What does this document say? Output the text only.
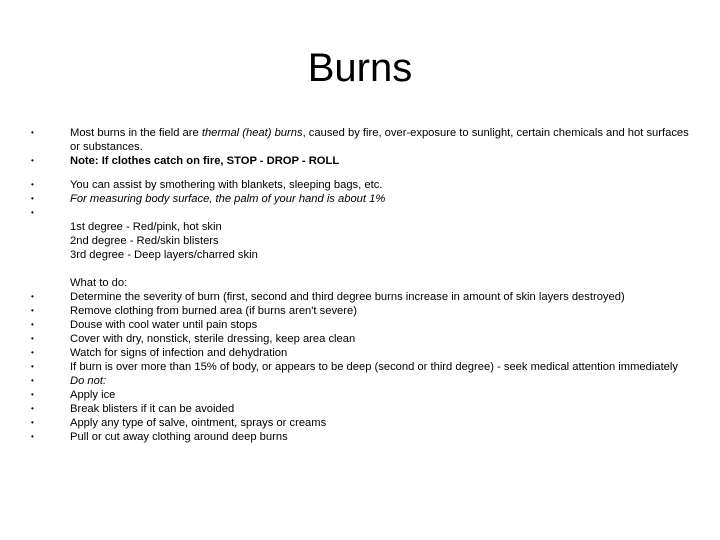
Burns
•	Most burns in the field are thermal (heat) burns, caused by fire, over-exposure to sunlight, certain chemicals and hot surfaces or substances.
•	Note: If clothes catch on fire, STOP - DROP - ROLL
•	You can assist by smothering with blankets, sleeping bags, etc.
•	For measuring body surface, the palm of your hand is about 1%
•

1st degree - Red/pink, hot skin
2nd degree - Red/skin blisters
3rd degree - Deep layers/charred skin
What to do:
•	Determine the severity of burn (first, second and third degree burns increase in amount of skin layers destroyed)
•	Remove clothing from burned area (if burns aren't severe)
•	Douse with cool water until pain stops
•	Cover with dry, nonstick, sterile dressing, keep area clean
•	Watch for signs of infection and dehydration
•	If burn is over more than 15% of body, or appears to be deep (second or third degree) - seek medical attention immediately
•	Do not:
•	Apply ice
•	Break blisters if it can be avoided
•	Apply any type of salve, ointment, sprays or creams
•	Pull or cut away clothing around deep burns
